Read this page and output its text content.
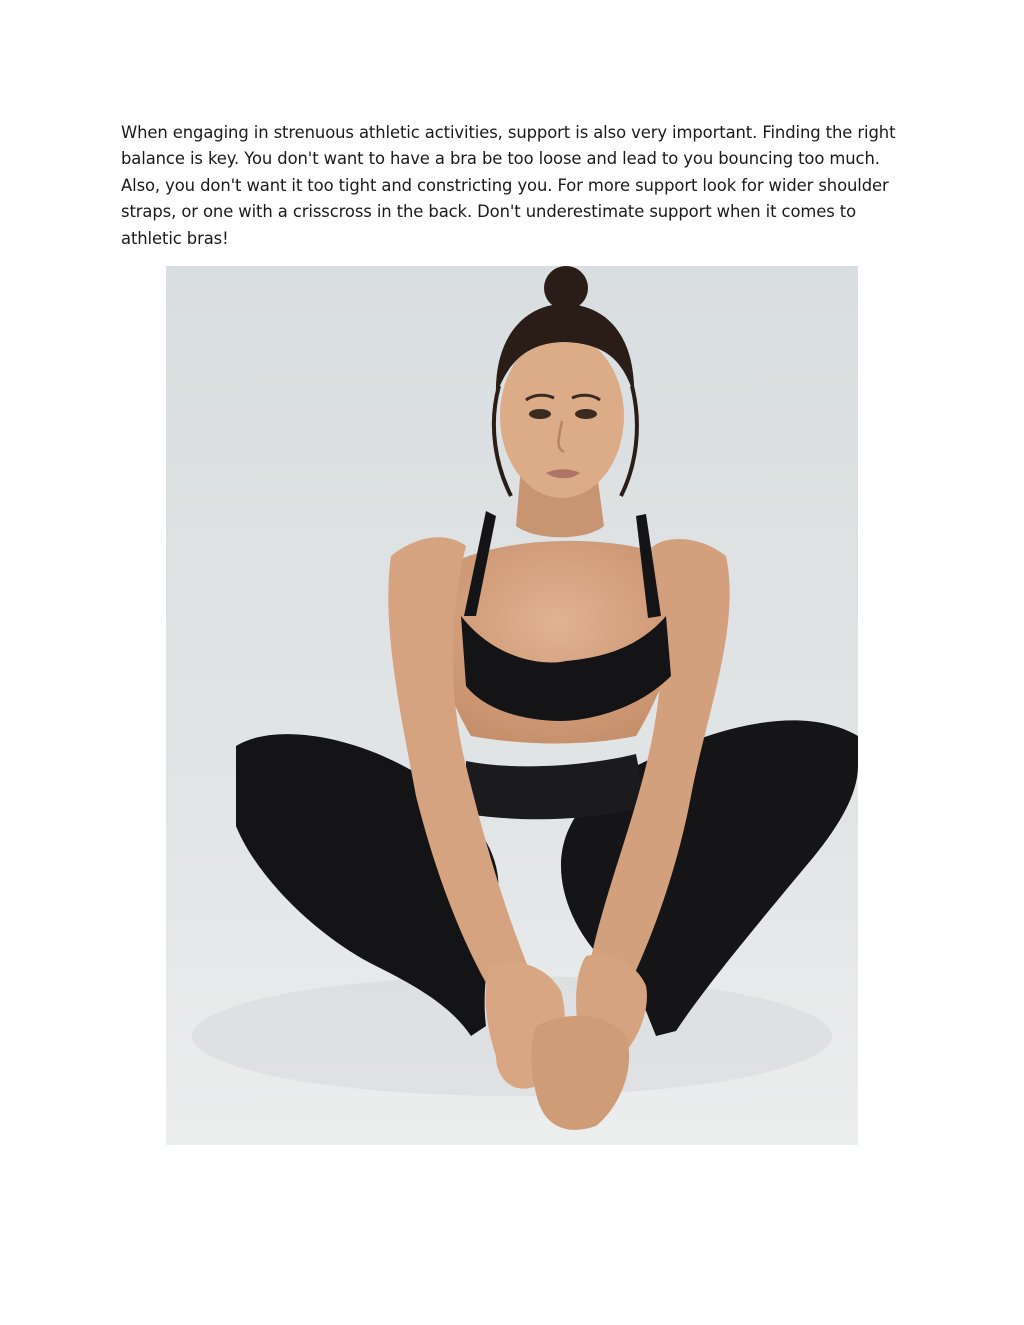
When engaging in strenuous athletic activities, support is also very important. Finding the right balance is key. You don't want to have a bra be too loose and lead to you bouncing too much. Also, you don't want it too tight and constricting you. For more support look for wider shoulder straps, or one with a crisscross in the back. Don't underestimate support when it comes to athletic bras!
